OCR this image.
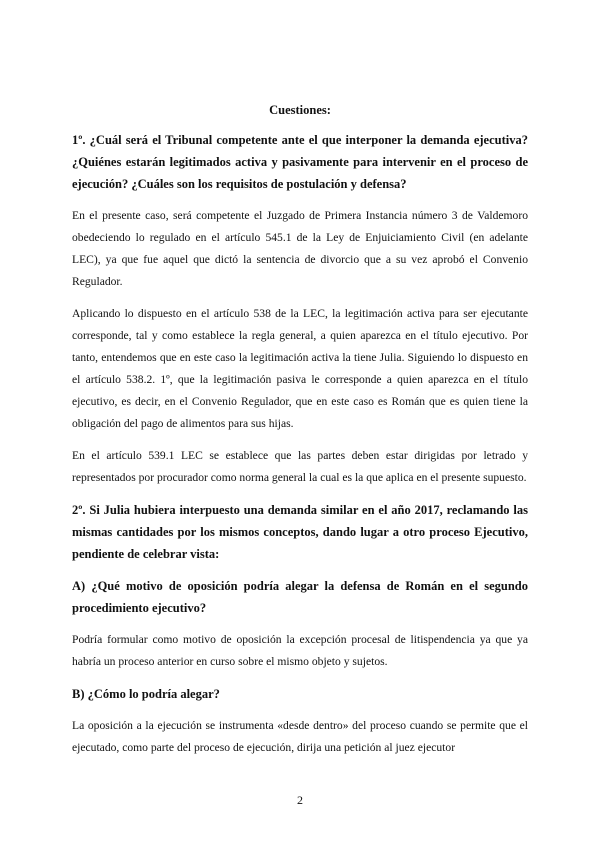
Cuestiones:
1º. ¿Cuál será el Tribunal competente ante el que interponer la demanda ejecutiva? ¿Quiénes estarán legitimados activa y pasivamente para intervenir en el proceso de ejecución? ¿Cuáles son los requisitos de postulación y defensa?
En el presente caso, será competente el Juzgado de Primera Instancia número 3 de Valdemoro obedeciendo lo regulado en el artículo 545.1 de la Ley de Enjuiciamiento Civil (en adelante LEC), ya que fue aquel que dictó la sentencia de divorcio que a su vez aprobó el Convenio Regulador.
Aplicando lo dispuesto en el artículo 538 de la LEC, la legitimación activa para ser ejecutante corresponde, tal y como establece la regla general, a quien aparezca en el título ejecutivo. Por tanto, entendemos que en este caso la legitimación activa la tiene Julia. Siguiendo lo dispuesto en el artículo 538.2. 1º, que la legitimación pasiva le corresponde a quien aparezca en el título ejecutivo, es decir, en el Convenio Regulador, que en este caso es Román que es quien tiene la obligación del pago de alimentos para sus hijas.
En el artículo 539.1 LEC se establece que las partes deben estar dirigidas por letrado y representados por procurador como norma general la cual es la que aplica en el presente supuesto.
2º. Si Julia hubiera interpuesto una demanda similar en el año 2017, reclamando las mismas cantidades por los mismos conceptos, dando lugar a otro proceso Ejecutivo, pendiente de celebrar vista:
A) ¿Qué motivo de oposición podría alegar la defensa de Román en el segundo procedimiento ejecutivo?
Podría formular como motivo de oposición la excepción procesal de litispendencia ya que ya habría un proceso anterior en curso sobre el mismo objeto y sujetos.
B) ¿Cómo lo podría alegar?
La oposición a la ejecución se instrumenta «desde dentro» del proceso cuando se permite que el ejecutado, como parte del proceso de ejecución, dirija una petición al juez ejecutor
2
